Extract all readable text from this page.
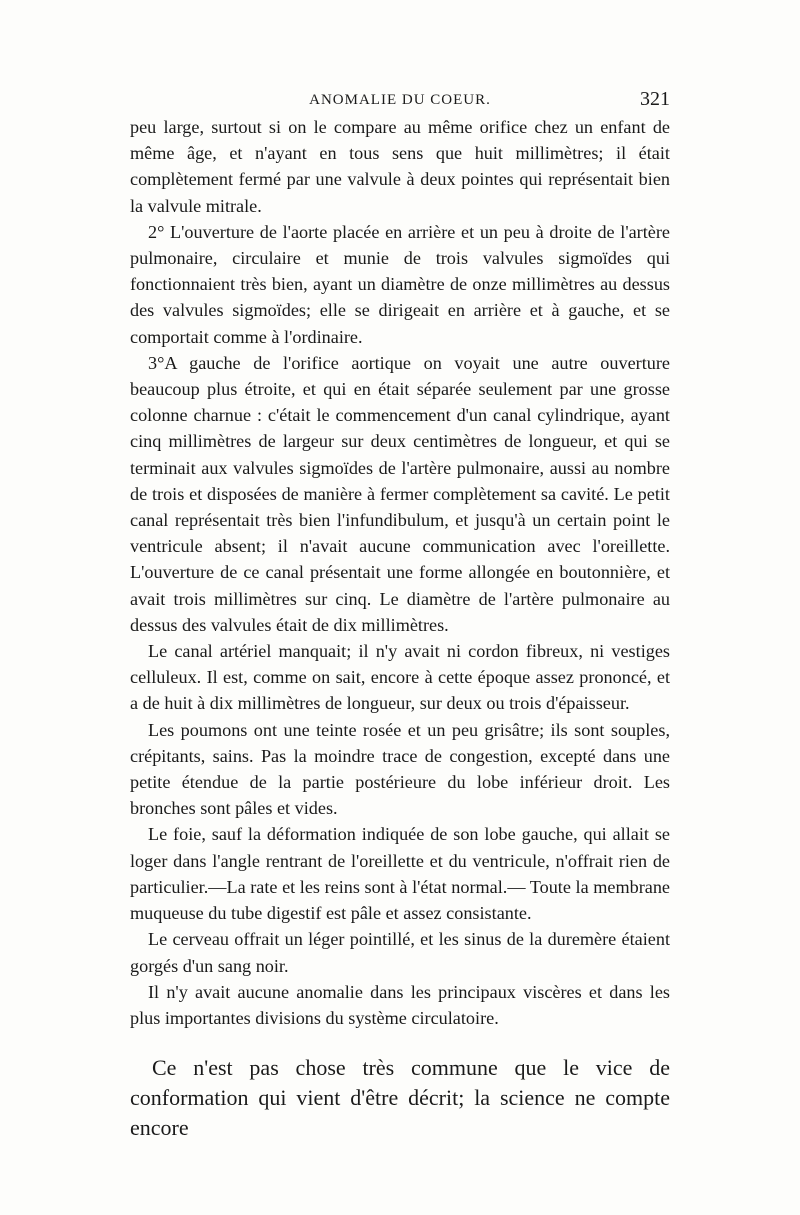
ANOMALIE DU COEUR.	321

peu large, surtout si on le compare au même orifice chez un enfant de même âge, et n'ayant en tous sens que huit millimètres; il était complètement fermé par une valvule à deux pointes qui représentait bien la valvule mitrale.

2° L'ouverture de l'aorte placée en arrière et un peu à droite de l'artère pulmonaire, circulaire et munie de trois valvules sigmoïdes qui fonctionnaient très bien, ayant un diamètre de onze millimètres au dessus des valvules sigmoïdes; elle se dirigeait en arrière et à gauche, et se comportait comme à l'ordinaire.

3°A gauche de l'orifice aortique on voyait une autre ouverture beaucoup plus étroite, et qui en était séparée seulement par une grosse colonne charnue : c'était le commencement d'un canal cylindrique, ayant cinq millimètres de largeur sur deux centimètres de longueur, et qui se terminait aux valvules sigmoïdes de l'artère pulmonaire, aussi au nombre de trois et disposées de manière à fermer complètement sa cavité. Le petit canal représentait très bien l'infundibulum, et jusqu'à un certain point le ventricule absent; il n'avait aucune communication avec l'oreillette. L'ouverture de ce canal présentait une forme allongée en boutonnière, et avait trois millimètres sur cinq. Le diamètre de l'artère pulmonaire au dessus des valvules était de dix millimètres.

Le canal artériel manquait; il n'y avait ni cordon fibreux, ni vestiges celluleux. Il est, comme on sait, encore à cette époque assez prononcé, et a de huit à dix millimètres de longueur, sur deux ou trois d'épaisseur.

Les poumons ont une teinte rosée et un peu grisâtre; ils sont souples, crépitants, sains. Pas la moindre trace de congestion, excepté dans une petite étendue de la partie postérieure du lobe inférieur droit. Les bronches sont pâles et vides.

Le foie, sauf la déformation indiquée de son lobe gauche, qui allait se loger dans l'angle rentrant de l'oreillette et du ventricule, n'offrait rien de particulier.—La rate et les reins sont à l'état normal.— Toute la membrane muqueuse du tube digestif est pâle et assez consistante.

Le cerveau offrait un léger pointillé, et les sinus de la duremère étaient gorgés d'un sang noir.

Il n'y avait aucune anomalie dans les principaux viscères et dans les plus importantes divisions du système circulatoire.

Ce n'est pas chose très commune que le vice de conformation qui vient d'être décrit; la science ne compte encore
